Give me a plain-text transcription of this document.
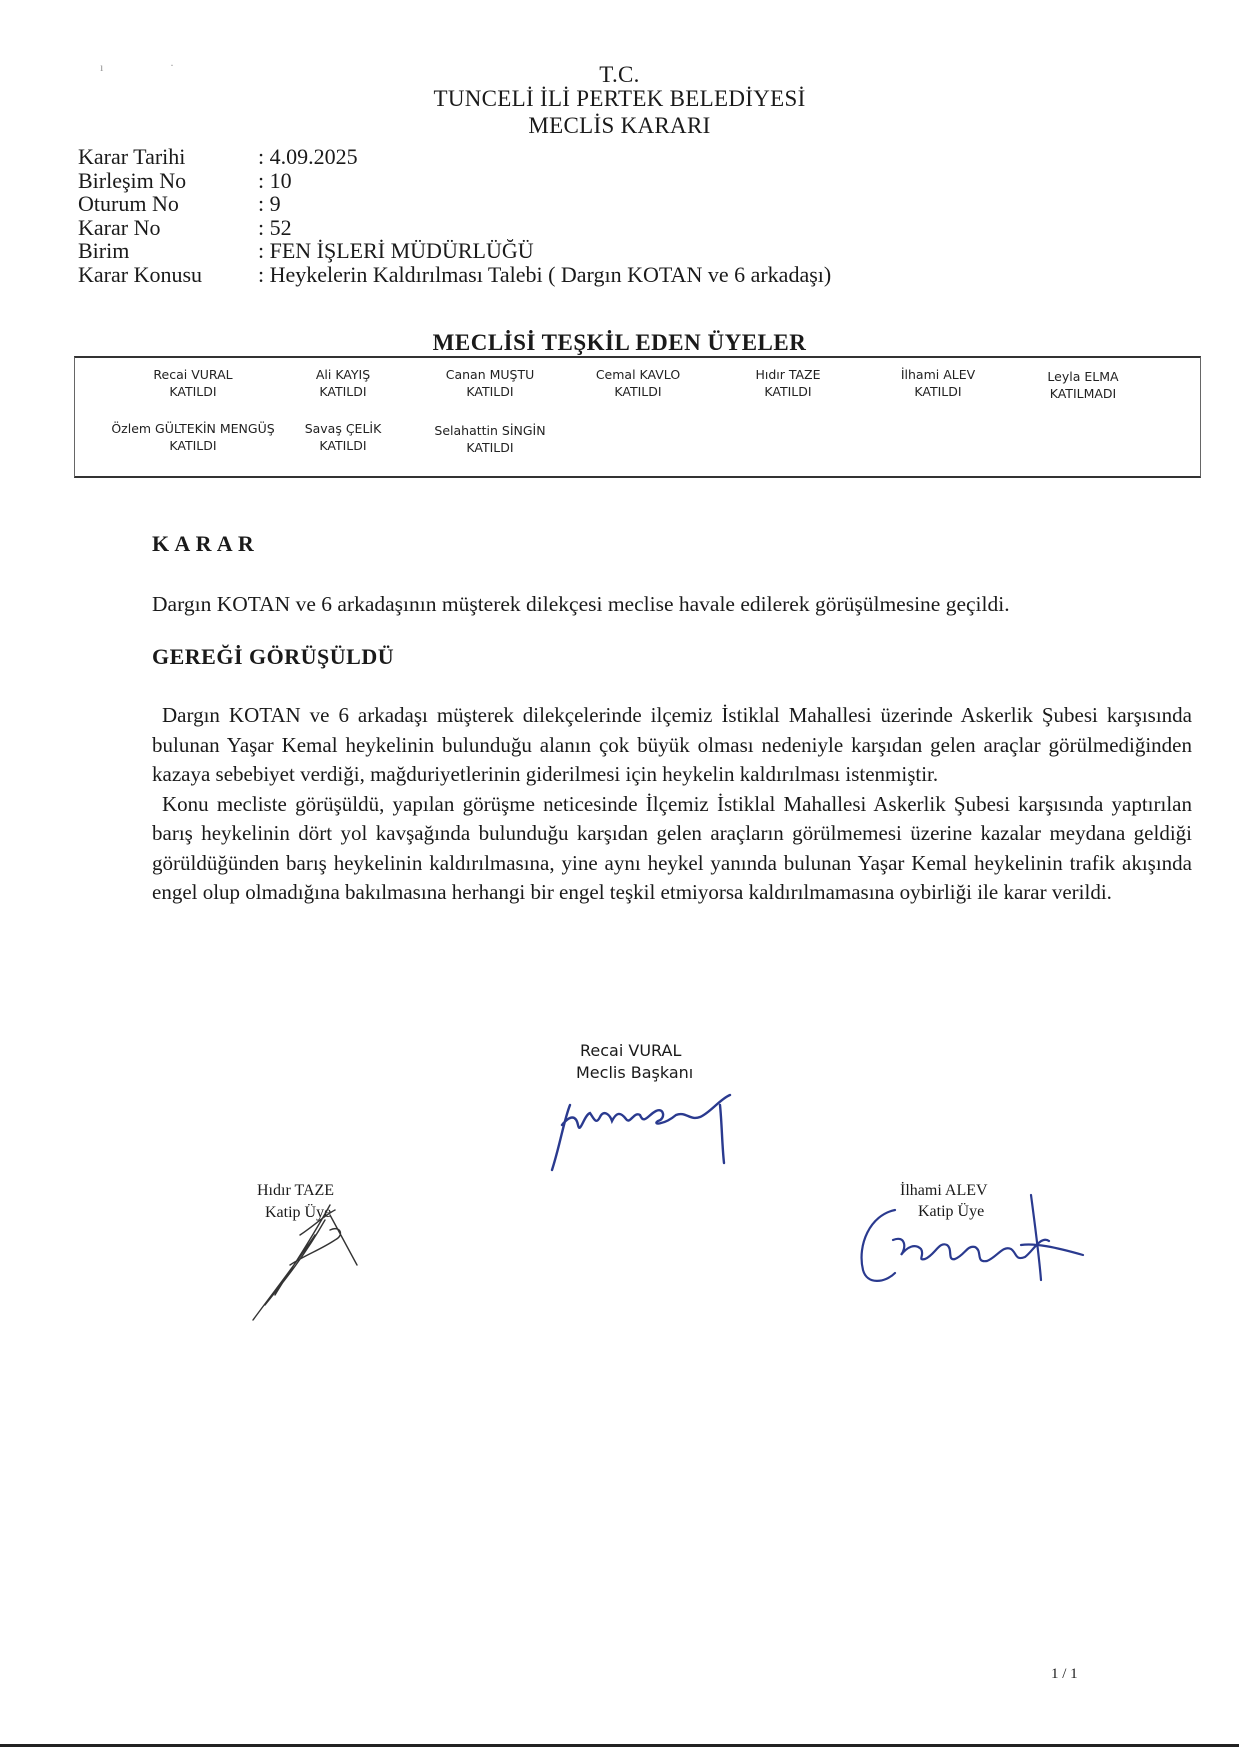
ı	·	T.C.
TUNCELİ İLİ PERTEK BELEDİYESİ
MECLİS KARARI
Karar Tarihi	: 4.09.2025
Birleşim No	: 10
Oturum No	: 9
Karar No	: 52
Birim	: FEN İŞLERİ MÜDÜRLÜĞÜ
Karar Konusu	: Heykelerin Kaldırılması Talebi ( Dargın KOTAN ve 6 arkadaşı)
MECLİSİ TEŞKİL EDEN ÜYELER
Recai VURAL
KATILDI
Ali KAYIŞ
KATILDI
Canan MUŞTU
KATILDI
Cemal KAVLO
KATILDI
Hıdır TAZE
KATILDI
İlhami ALEV
KATILDI
Leyla ELMA
KATILMADI
Özlem GÜLTEKİN MENGÜŞ
KATILDI
Savaş ÇELİK
KATILDI
Selahattin SİNGİN
KATILDI
K A R A R
Dargın KOTAN ve 6 arkadaşının müşterek dilekçesi meclise havale edilerek görüşülmesine geçildi.
GEREĞİ GÖRÜŞÜLDÜ

Dargın KOTAN ve 6 arkadaşı müşterek dilekçelerinde ilçemiz İstiklal Mahallesi üzerinde Askerlik Şubesi karşısında bulunan Yaşar Kemal heykelinin bulunduğu alanın çok büyük olması nedeniyle karşıdan gelen araçlar görülmediğinden kazaya sebebiyet verdiği, mağduriyetlerinin giderilmesi için heykelin kaldırılması istenmiştir.

Konu mecliste görüşüldü, yapılan görüşme neticesinde İlçemiz İstiklal Mahallesi Askerlik Şubesi karşısında yaptırılan barış heykelinin dört yol kavşağında bulunduğu karşıdan gelen araçların görülmemesi üzerine kazalar meydana geldiği görüldüğünden barış heykelinin kaldırılmasına, yine aynı heykel yanında bulunan Yaşar Kemal heykelinin trafik akışında engel olup olmadığına bakılmasına herhangi bir engel teşkil etmiyorsa kaldırılmamasına oybirliği ile karar verildi.

Recai VURAL
Meclis Başkanı
Hıdır TAZE
Katip Üye
İlhami ALEV
Katip Üye
1 / 1
